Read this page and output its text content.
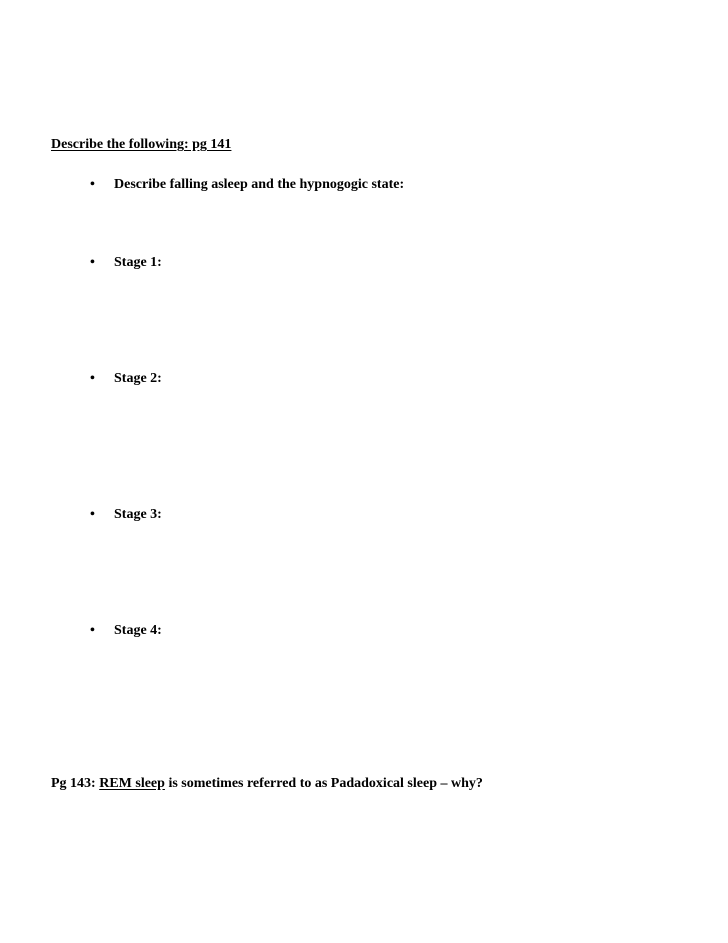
Describe the following: pg 141
• Describe falling asleep and the hypnogogic state:
• Stage 1:
• Stage 2:
• Stage 3:
• Stage 4:
Pg 143: REM sleep is sometimes referred to as Padadoxical sleep – why?
